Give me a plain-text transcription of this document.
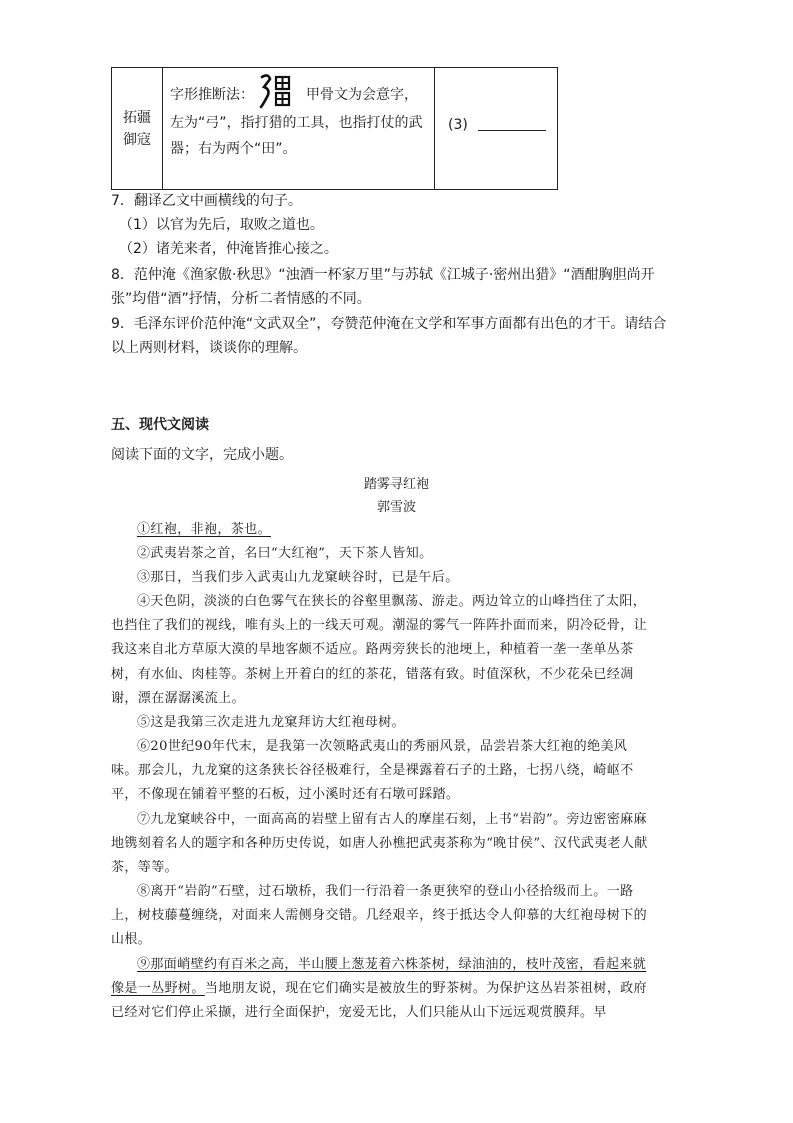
拓疆
御寇
字形推断法：	甲骨文为会意字，
左为“弓”，指打猎的工具，也指打仗的武
器；右为两个“田”。
(3)
7．翻译乙文中画横线的句子。
（1）以官为先后，取败之道也。
（2）诸羌来者，仲淹皆推心接之。
8．范仲淹《渔家傲·秋思》“浊酒一杯家万里”与苏轼《江城子·密州出猎》“酒酣胸胆尚开
张”均借“酒”抒情，分析二者情感的不同。
9．毛泽东评价范仲淹“文武双全”，夸赞范仲淹在文学和军事方面都有出色的才干。请结合
以上两则材料，谈谈你的理解。
五、现代文阅读
阅读下面的文字，完成小题。
踏雾寻红袍
郭雪波
①红袍，非袍，茶也。
②武夷岩茶之首，名曰“大红袍”，天下茶人皆知。
③那日，当我们步入武夷山九龙窠峡谷时，已是午后。
④天色阴，淡淡的白色雾气在狭长的谷壑里飘荡、游走。两边耸立的山峰挡住了太阳，也挡住了我们的视线，唯有头上的一线天可观。潮湿的雾气一阵阵扑面而来，阴冷砭骨，让我这来自北方草原大漠的旱地客颇不适应。路两旁狭长的池埂上，种植着一垄一垄单丛茶树，有水仙、肉桂等。茶树上开着白的红的茶花，错落有致。时值深秋，不少花朵已经凋谢，漂在潺潺溪流上。
⑤这是我第三次走进九龙窠拜访大红袍母树。
⑥20世纪90年代末，是我第一次领略武夷山的秀丽风景，品尝岩茶大红袍的绝美风味。那会儿，九龙窠的这条狭长谷径极难行，全是裸露着石子的土路，七拐八绕，崎岖不平，不像现在铺着平整的石板，过小溪时还有石墩可踩踏。
⑦九龙窠峡谷中，一面高高的岩壁上留有古人的摩崖石刻，上书“岩韵”。旁边密密麻麻地镌刻着名人的题字和各种历史传说，如唐人孙樵把武夷茶称为“晚甘侯”、汉代武夷老人献茶，等等。
⑧离开“岩韵”石壁，过石墩桥，我们一行沿着一条更狭窄的登山小径拾级而上。一路上，树枝藤蔓缠绕，对面来人需侧身交错。几经艰辛，终于抵达令人仰慕的大红袍母树下的山根。
⑨那面峭壁约有百米之高，半山腰上葱茏着六株茶树，绿油油的，枝叶茂密，看起来就像是一丛野树。当地朋友说，现在它们确实是被放生的野茶树。为保护这丛岩茶祖树，政府已经对它们停止采撷，进行全面保护，宠爱无比，人们只能从山下远远观赏膜拜。早
